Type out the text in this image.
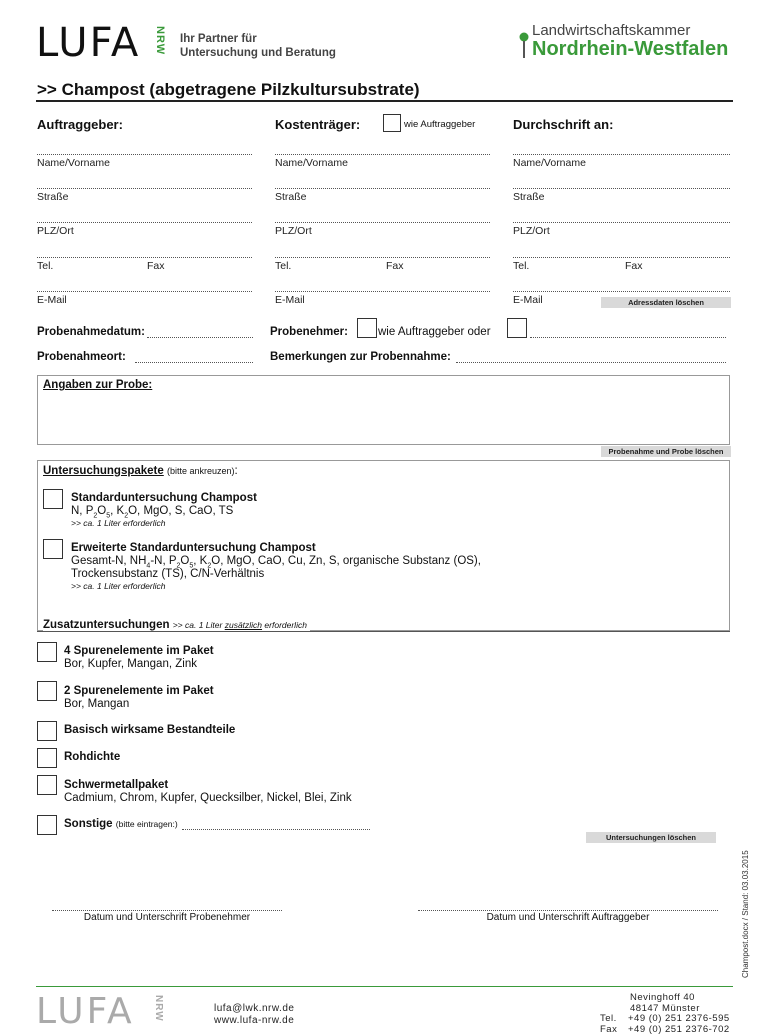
LUFA NRW Ihr Partner für
Untersuchung und Beratung
Landwirtschaftskammer
Nordrhein-Westfalen
>> Champost (abgetragene Pilzkultursubstrate)
Auftraggeber:	Kostenträger:	wie Auftraggeber	Durchschrift an:
Name/Vorname
Straße
PLZ/Ort
Tel.	Fax
E-Mail
Name/Vorname
Straße
PLZ/Ort
Tel.	Fax
E-Mail
Name/Vorname
Straße
PLZ/Ort
Tel.	Fax
E-Mail	Adressdaten löschen
Probenahmedatum:	Probenehmer:	wie Auftraggeber oder
Probenahmeort:	Bemerkungen zur Probennahme:
Angaben zur Probe:
Probenahme und Probe löschen
Untersuchungspakete (bitte ankreuzen):
Standarduntersuchung Champost
N, $P_2O_5$, $K_2O$, MgO, S, CaO, TS
>> ca. 1 Liter erforderlich
Erweiterte Standarduntersuchung Champost
Gesamt-N, $NH_4-N$, $P_2O_5$, $K_2O$, MgO, CaO, Cu, Zn, S, organische Substanz (OS),
Trockensubstanz (TS), C/N-Verhältnis
>> ca. 1 Liter erforderlich
Zusatzuntersuchungen >> ca. 1 Liter zusätzlich erforderlich
4 Spurenelemente im Paket
Bor, Kupfer, Mangan, Zink
2 Spurenelemente im Paket
Bor, Mangan
Basisch wirksame Bestandteile
Rohdichte
Schwermetallpaket
Cadmium, Chrom, Kupfer, Quecksilber, Nickel, Blei, Zink
Sonstige (bitte eintragen:)
Untersuchungen löschen
Champost.docx / Stand: 03.03.2015
Datum und Unterschrift Probenehmer	Datum und Unterschrift Auftraggeber
LUFA NRW	lufa@lwk.nrw.de
www.lufa-nrw.de
Nevinghoff 40
48147 Münster
Tel. +49 (0) 251 2376-595
Fax +49 (0) 251 2376-702
